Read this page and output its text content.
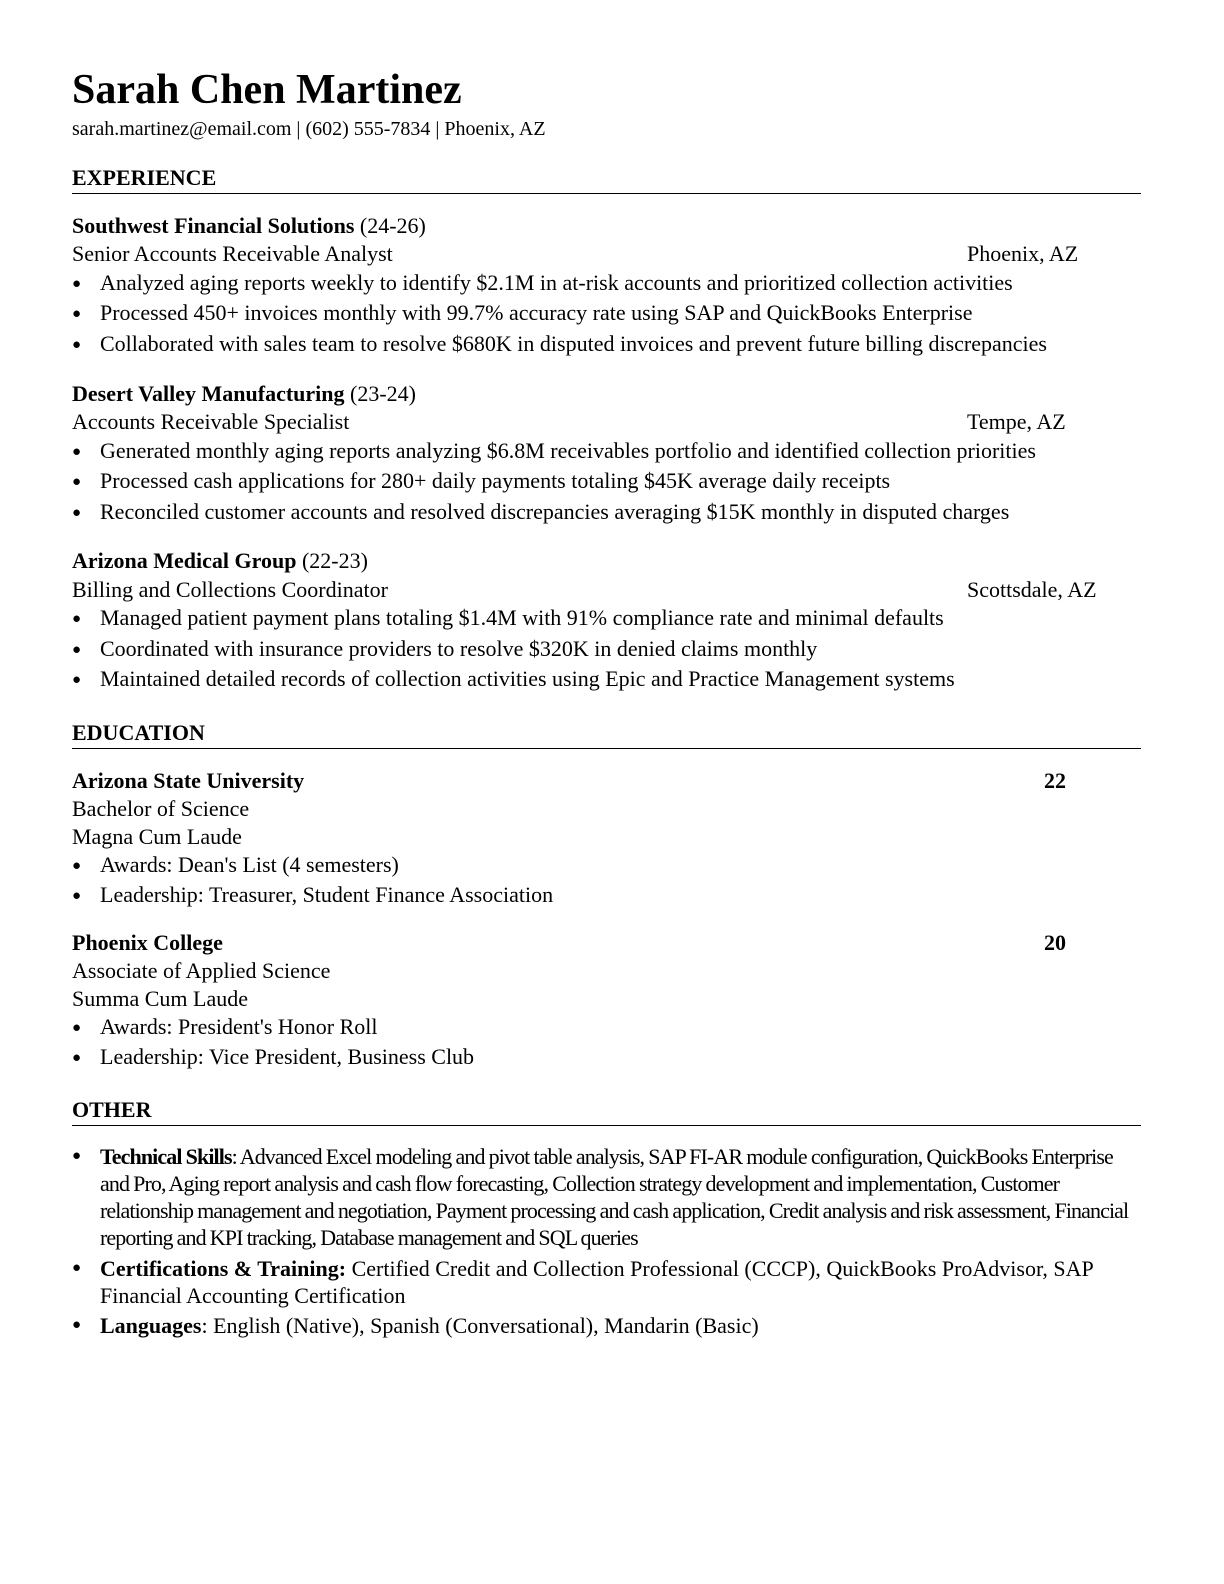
Sarah Chen Martinez
sarah.martinez@email.com | (602) 555-7834 | Phoenix, AZ
EXPERIENCE
Southwest Financial Solutions (24-26)
Senior Accounts Receivable Analyst	Phoenix, AZ
● Analyzed aging reports weekly to identify $2.1M in at-risk accounts and prioritized collection activities
● Processed 450+ invoices monthly with 99.7% accuracy rate using SAP and QuickBooks Enterprise
● Collaborated with sales team to resolve $680K in disputed invoices and prevent future billing discrepancies
Desert Valley Manufacturing (23-24)
Accounts Receivable Specialist	Tempe, AZ
● Generated monthly aging reports analyzing $6.8M receivables portfolio and identified collection priorities
● Processed cash applications for 280+ daily payments totaling $45K average daily receipts
● Reconciled customer accounts and resolved discrepancies averaging $15K monthly in disputed charges
Arizona Medical Group (22-23)
Billing and Collections Coordinator	Scottsdale, AZ
● Managed patient payment plans totaling $1.4M with 91% compliance rate and minimal defaults
● Coordinated with insurance providers to resolve $320K in denied claims monthly
● Maintained detailed records of collection activities using Epic and Practice Management systems
EDUCATION
Arizona State University	22
Bachelor of Science
Magna Cum Laude
● Awards: Dean's List (4 semesters)
● Leadership: Treasurer, Student Finance Association
Phoenix College	20
Associate of Applied Science
Summa Cum Laude
● Awards: President's Honor Roll
● Leadership: Vice President, Business Club
OTHER
● Technical Skills: Advanced Excel modeling and pivot table analysis, SAP FI-AR module configuration, QuickBooks Enterprise and Pro, Aging report analysis and cash flow forecasting, Collection strategy development and implementation, Customer relationship management and negotiation, Payment processing and cash application, Credit analysis and risk assessment, Financial reporting and KPI tracking, Database management and SQL queries
● Certifications & Training: Certified Credit and Collection Professional (CCCP), QuickBooks ProAdvisor, SAP Financial Accounting Certification
● Languages: English (Native), Spanish (Conversational), Mandarin (Basic)
